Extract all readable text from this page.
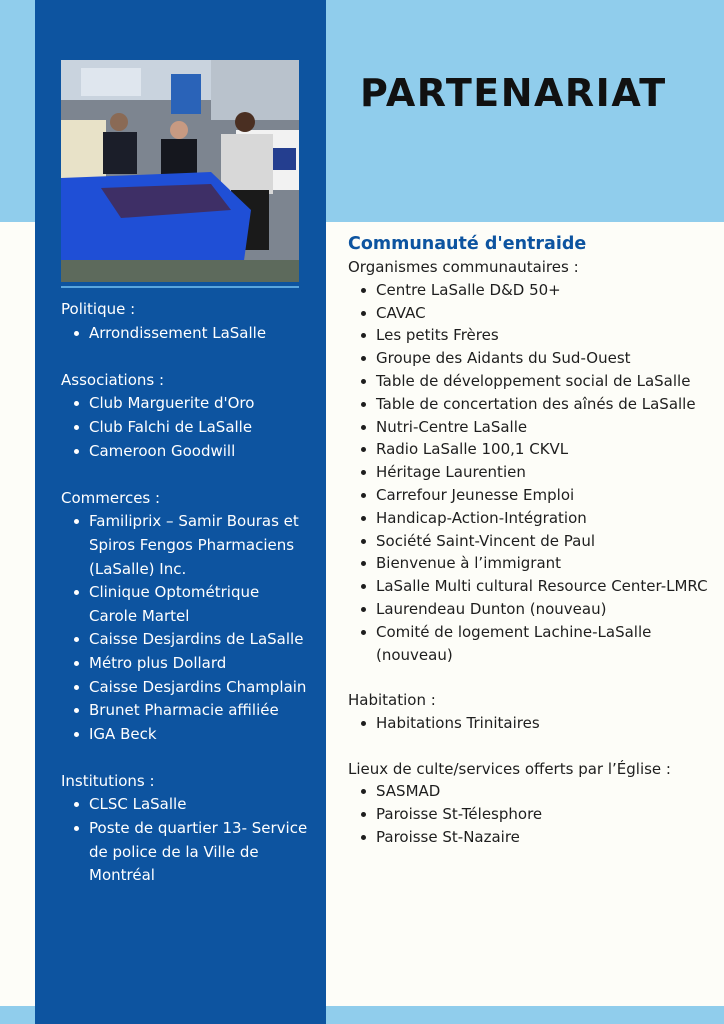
PARTENARIAT

Politique :

Arrondissement LaSalle

Associations :

Club Marguerite d'Oro
Club Falchi de LaSalle
Cameroon Goodwill

Commerces :

Familiprix – Samir Bouras et Spiros Fengos Pharmaciens (LaSalle) Inc.
Clinique Optométrique Carole Martel
Caisse Desjardins de LaSalle
Métro plus Dollard
Caisse Desjardins Champlain
Brunet Pharmacie affiliée
IGA Beck

Institutions :

CLSC LaSalle
Poste de quartier 13- Service de police de la Ville de Montréal
Communauté d'entraide

Organismes communautaires :

Centre LaSalle D&D 50+
CAVAC
Les petits Frères
Groupe des Aidants du Sud-Ouest
Table de développement social de LaSalle
Table de concertation des aînés de LaSalle
Nutri-Centre LaSalle
Radio LaSalle 100,1 CKVL
Héritage Laurentien
Carrefour Jeunesse Emploi
Handicap-Action-Intégration
Société Saint-Vincent de Paul
Bienvenue à l’immigrant
LaSalle Multi cultural Resource Center-LMRC
Laurendeau Dunton (nouveau)
Comité de logement Lachine-LaSalle (nouveau)

Habitation :

Habitations Trinitaires

Lieux de culte/services offerts par l’Église :

SASMAD
Paroisse St-Télesphore
Paroisse St-Nazaire
